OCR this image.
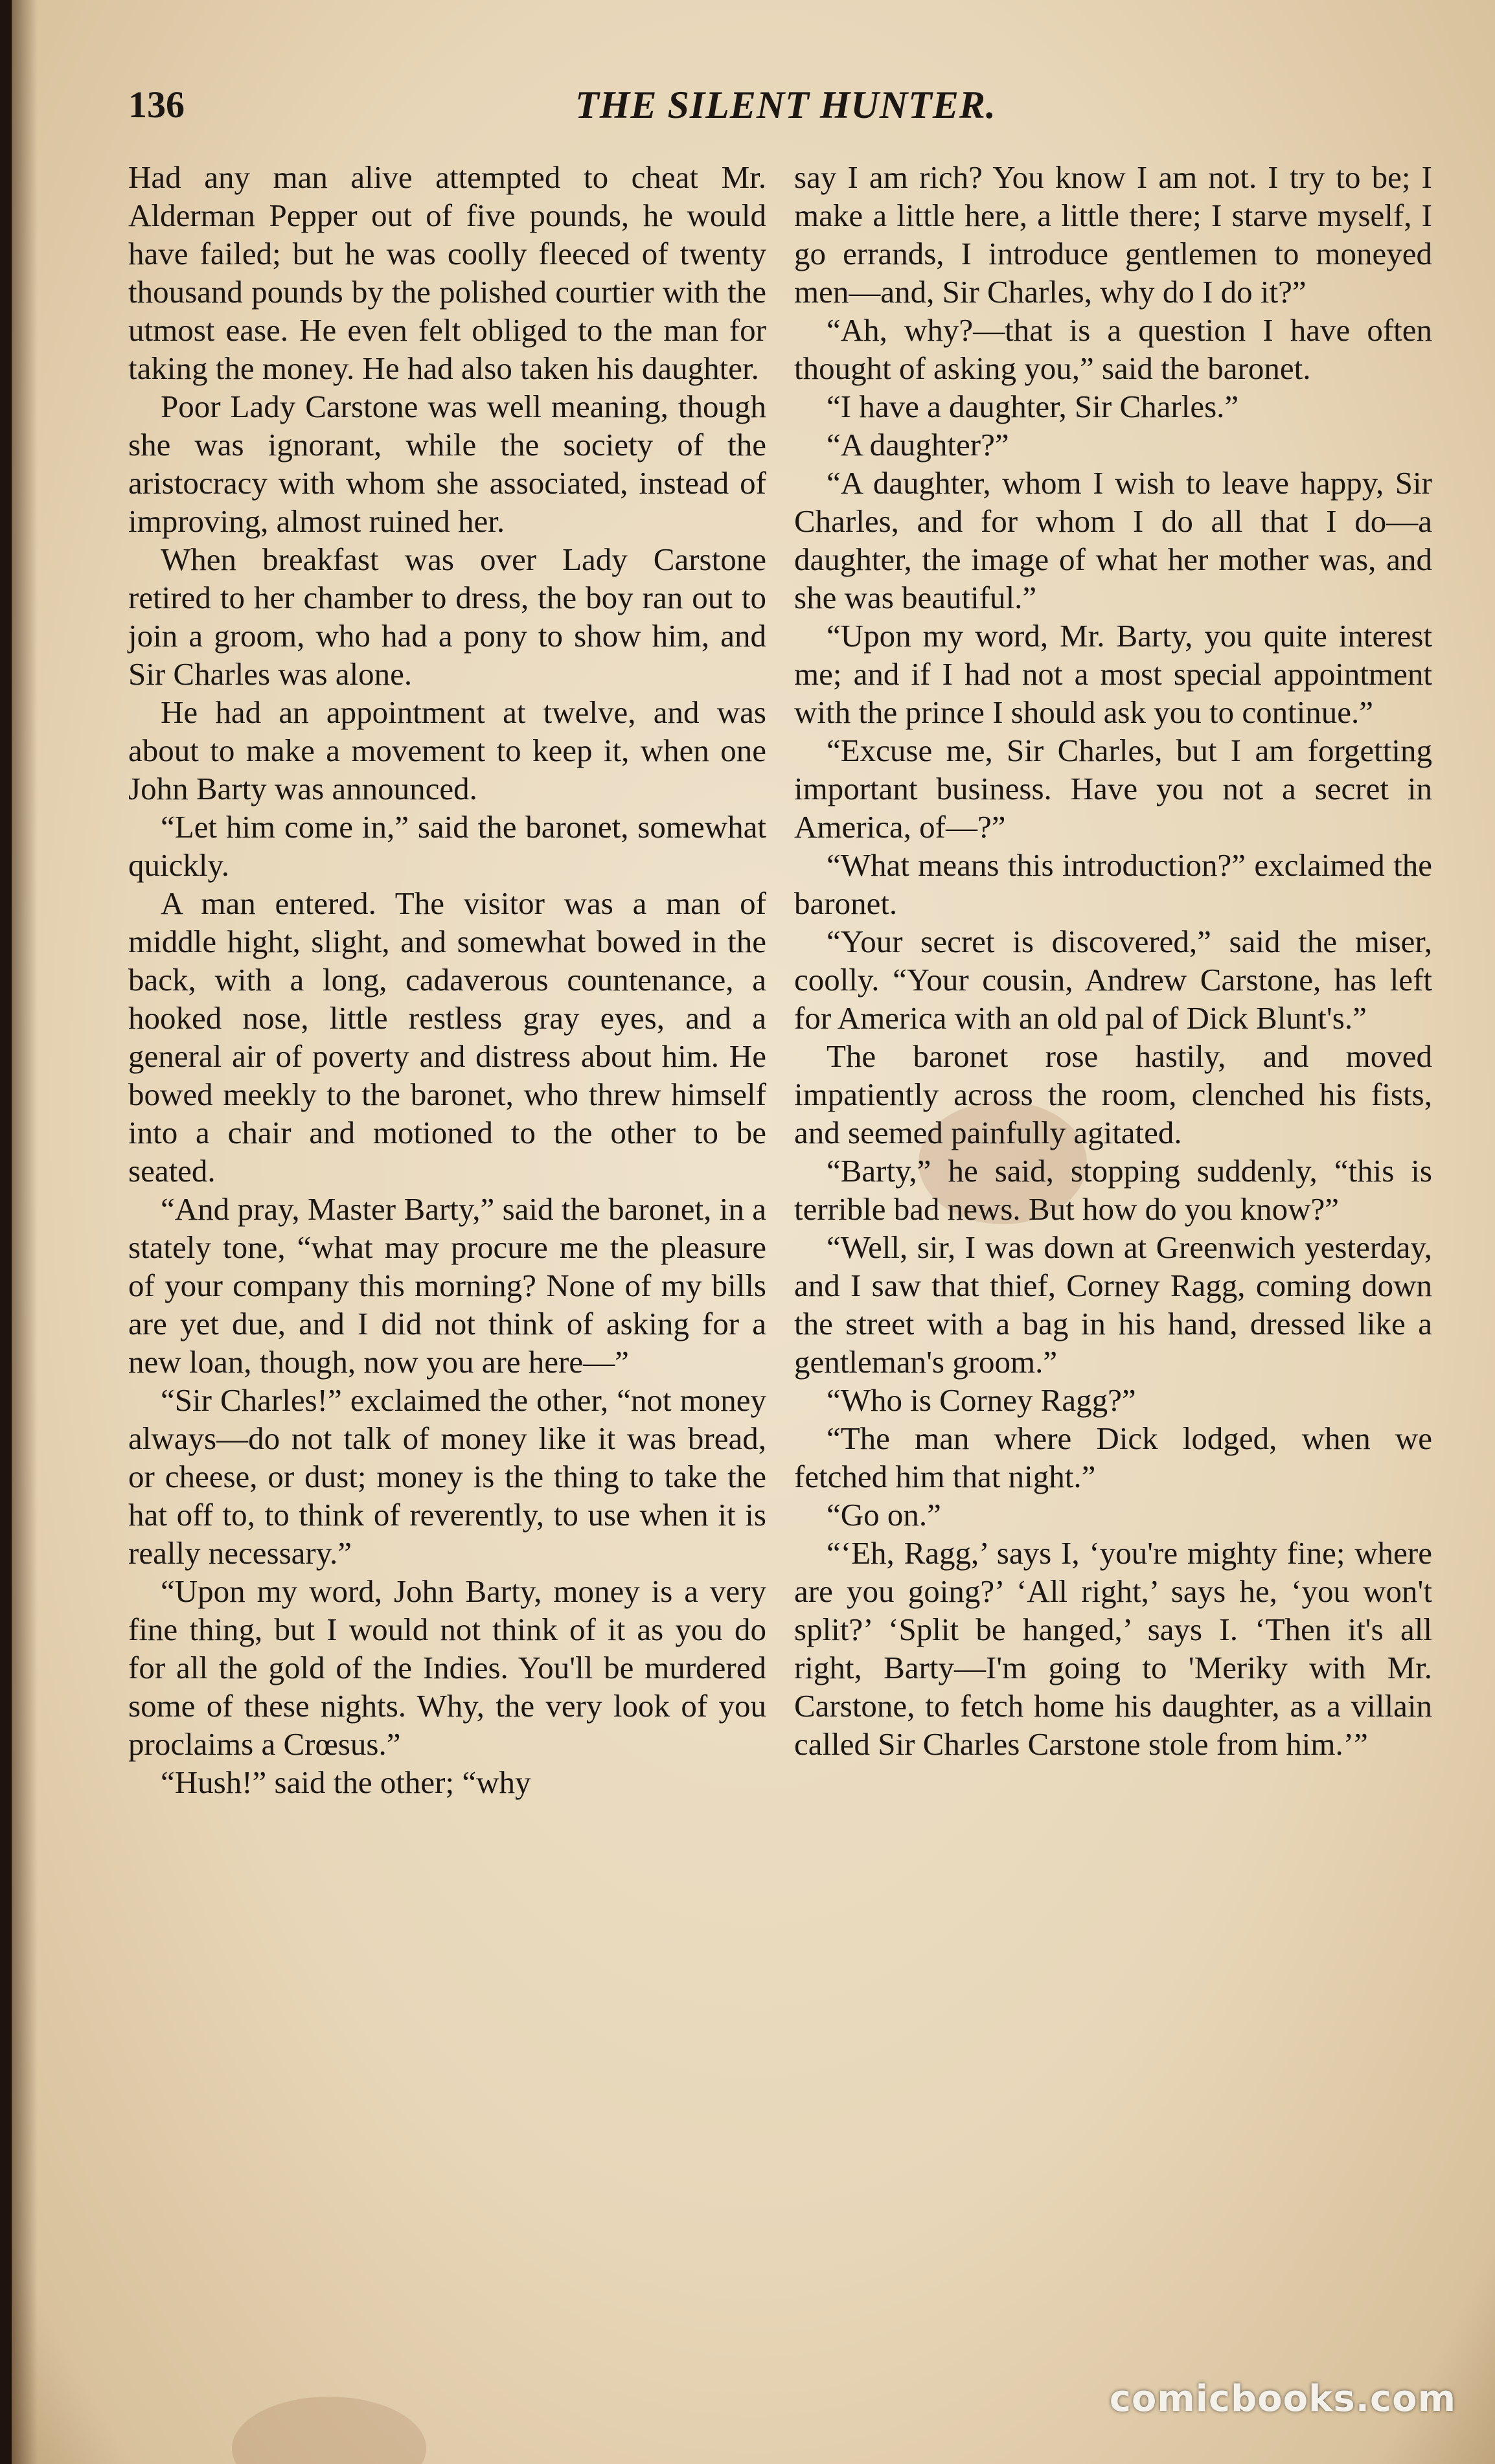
136	THE SILENT HUNTER.

Had any man alive attempted to cheat Mr. Alderman Pepper out of five pounds, he would have failed; but he was coolly fleeced of twenty thousand pounds by the polished courtier with the utmost ease. He even felt obliged to the man for taking the money. He had also taken his daughter.

Poor Lady Carstone was well meaning, though she was ignorant, while the society of the aristocracy with whom she associated, instead of improving, almost ruined her.

When breakfast was over Lady Carstone retired to her chamber to dress, the boy ran out to join a groom, who had a pony to show him, and Sir Charles was alone.

He had an appointment at twelve, and was about to make a movement to keep it, when one John Barty was announced.

“Let him come in,” said the baronet, somewhat quickly.

A man entered. The visitor was a man of middle hight, slight, and somewhat bowed in the back, with a long, cadaverous countenance, a hooked nose, little restless gray eyes, and a general air of poverty and distress about him. He bowed meekly to the baronet, who threw himself into a chair and motioned to the other to be seated.

“And pray, Master Barty,” said the baronet, in a stately tone, “what may procure me the pleasure of your company this morning? None of my bills are yet due, and I did not think of asking for a new loan, though, now you are here—”

“Sir Charles!” exclaimed the other, “not money always—do not talk of money like it was bread, or cheese, or dust; money is the thing to take the hat off to, to think of reverently, to use when it is really necessary.”

“Upon my word, John Barty, money is a very fine thing, but I would not think of it as you do for all the gold of the Indies. You'll be murdered some of these nights. Why, the very look of you proclaims a Crœsus.”

“Hush!” said the other; “why

say I am rich? You know I am not. I try to be; I make a little here, a little there; I starve myself, I go errands, I introduce gentlemen to moneyed men—and, Sir Charles, why do I do it?”

“Ah, why?—that is a question I have often thought of asking you,” said the baronet.

“I have a daughter, Sir Charles.”

“A daughter?”

“A daughter, whom I wish to leave happy, Sir Charles, and for whom I do all that I do—a daughter, the image of what her mother was, and she was beautiful.”

“Upon my word, Mr. Barty, you quite interest me; and if I had not a most special appointment with the prince I should ask you to continue.”

“Excuse me, Sir Charles, but I am forgetting important business. Have you not a secret in America, of—?”

“What means this introduction?” exclaimed the baronet.

“Your secret is discovered,” said the miser, coolly. “Your cousin, Andrew Carstone, has left for America with an old pal of Dick Blunt's.”

The baronet rose hastily, and moved impatiently across the room, clenched his fists, and seemed painfully agitated.

“Barty,” he said, stopping suddenly, “this is terrible bad news. But how do you know?”

“Well, sir, I was down at Greenwich yesterday, and I saw that thief, Corney Ragg, coming down the street with a bag in his hand, dressed like a gentleman's groom.”

“Who is Corney Ragg?”

“The man where Dick lodged, when we fetched him that night.”

“Go on.”

“‘Eh, Ragg,’ says I, ‘you're mighty fine; where are you going?’ ‘All right,’ says he, ‘you won't split?’ ‘Split be hanged,’ says I. ‘Then it's all right, Barty—I'm going to 'Meriky with Mr. Carstone, to fetch home his daughter, as a villain called Sir Charles Carstone stole from him.’”

comicbooks.com
